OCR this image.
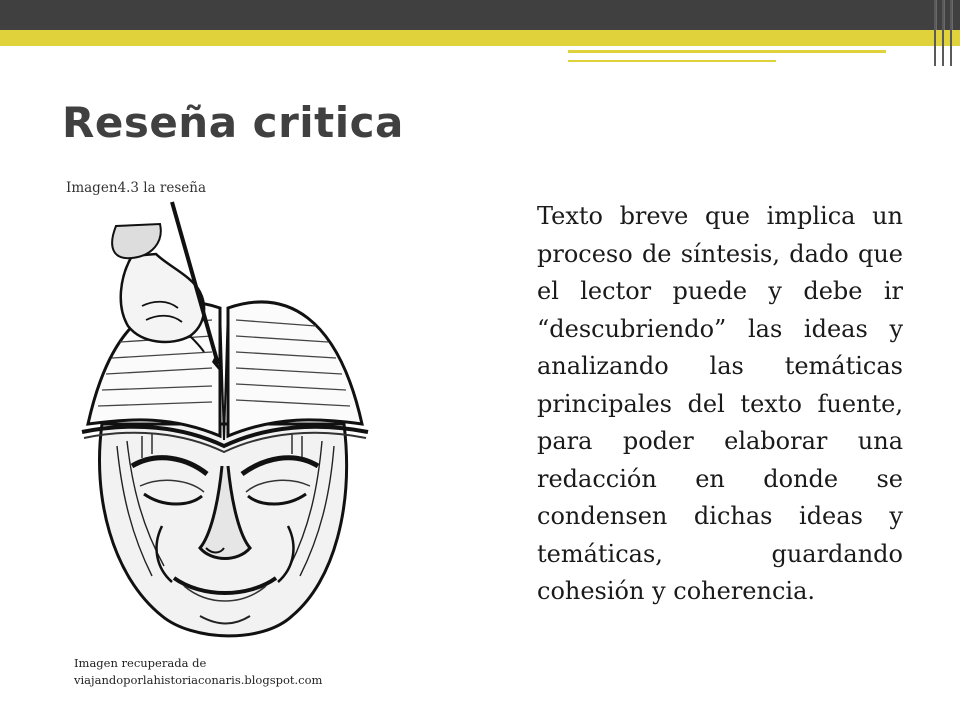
Reseña critica
Imagen4.3 la reseña
Imagen recuperada de
viajandoporlahistoriaconaris.blogspot.com
Texto breve que implica un proceso de síntesis, dado que el lector puede y debe ir “descubriendo” las ideas y analizando las temáticas principales del texto fuente, para poder elaborar una redacción en donde se condensen dichas ideas y temáticas, guardando cohesión y coherencia.
